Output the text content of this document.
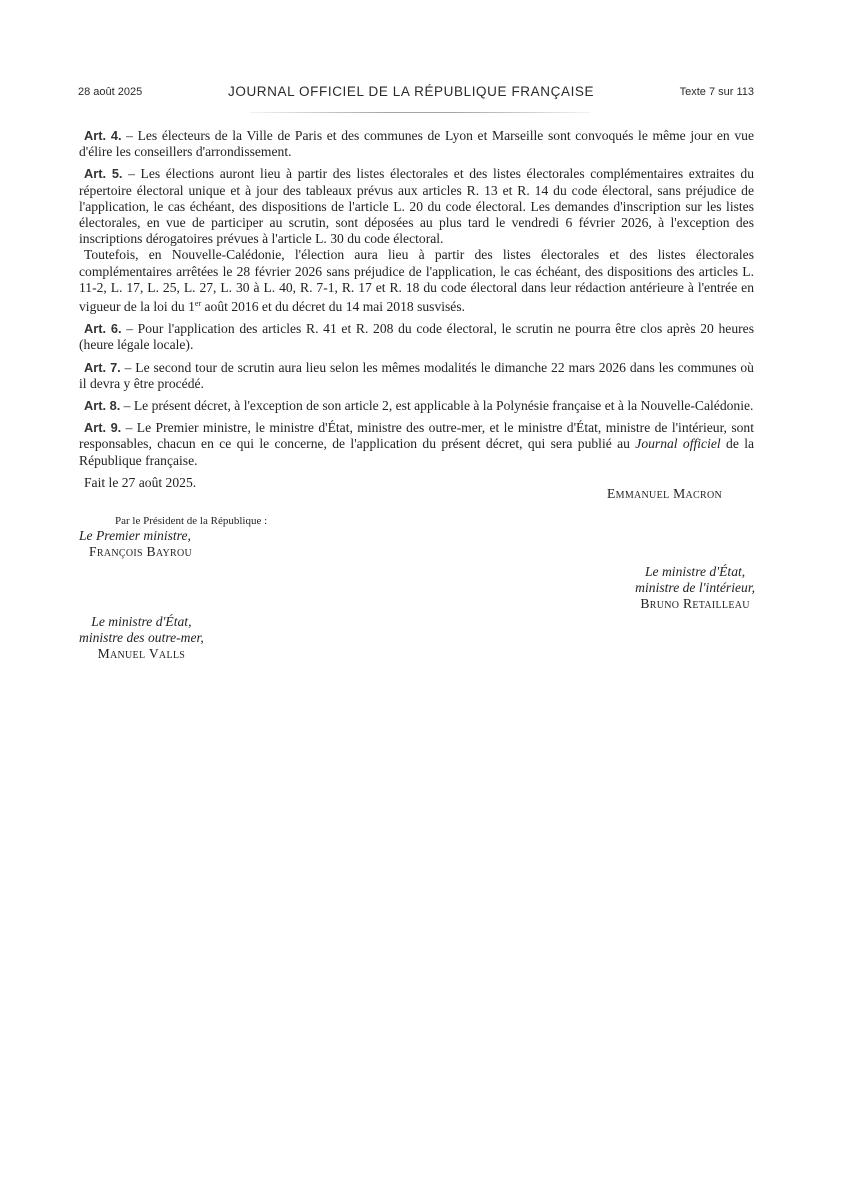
28 août 2025	JOURNAL OFFICIEL DE LA RÉPUBLIQUE FRANÇAISE	Texte 7 sur 113

Art. 4. – Les électeurs de la Ville de Paris et des communes de Lyon et Marseille sont convoqués le même jour en vue d'élire les conseillers d'arrondissement.

Art. 5. – Les élections auront lieu à partir des listes électorales et des listes électorales complémentaires extraites du répertoire électoral unique et à jour des tableaux prévus aux articles R. 13 et R. 14 du code électoral, sans préjudice de l'application, le cas échéant, des dispositions de l'article L. 20 du code électoral. Les demandes d'inscription sur les listes électorales, en vue de participer au scrutin, sont déposées au plus tard le vendredi 6 février 2026, à l'exception des inscriptions dérogatoires prévues à l'article L. 30 du code électoral.

Toutefois, en Nouvelle-Calédonie, l'élection aura lieu à partir des listes électorales et des listes électorales complémentaires arrêtées le 28 février 2026 sans préjudice de l'application, le cas échéant, des dispositions des articles L. 11-2, L. 17, L. 25, L. 27, L. 30 à L. 40, R. 7-1, R. 17 et R. 18 du code électoral dans leur rédaction antérieure à l'entrée en vigueur de la loi du 1er août 2016 et du décret du 14 mai 2018 susvisés.

Art. 6. – Pour l'application des articles R. 41 et R. 208 du code électoral, le scrutin ne pourra être clos après 20 heures (heure légale locale).

Art. 7. – Le second tour de scrutin aura lieu selon les mêmes modalités le dimanche 22 mars 2026 dans les communes où il devra y être procédé.

Art. 8. – Le présent décret, à l'exception de son article 2, est applicable à la Polynésie française et à la Nouvelle-Calédonie.

Art. 9. – Le Premier ministre, le ministre d'État, ministre des outre-mer, et le ministre d'État, ministre de l'intérieur, sont responsables, chacun en ce qui le concerne, de l'application du présent décret, qui sera publié au Journal officiel de la République française.

Fait le 27 août 2025.

Emmanuel Macron
Par le Président de la République :
Le Premier ministre,
François Bayrou
Le ministre d'État,
ministre de l'intérieur,
Bruno Retailleau
Le ministre d'État,
ministre des outre-mer,
Manuel Valls
